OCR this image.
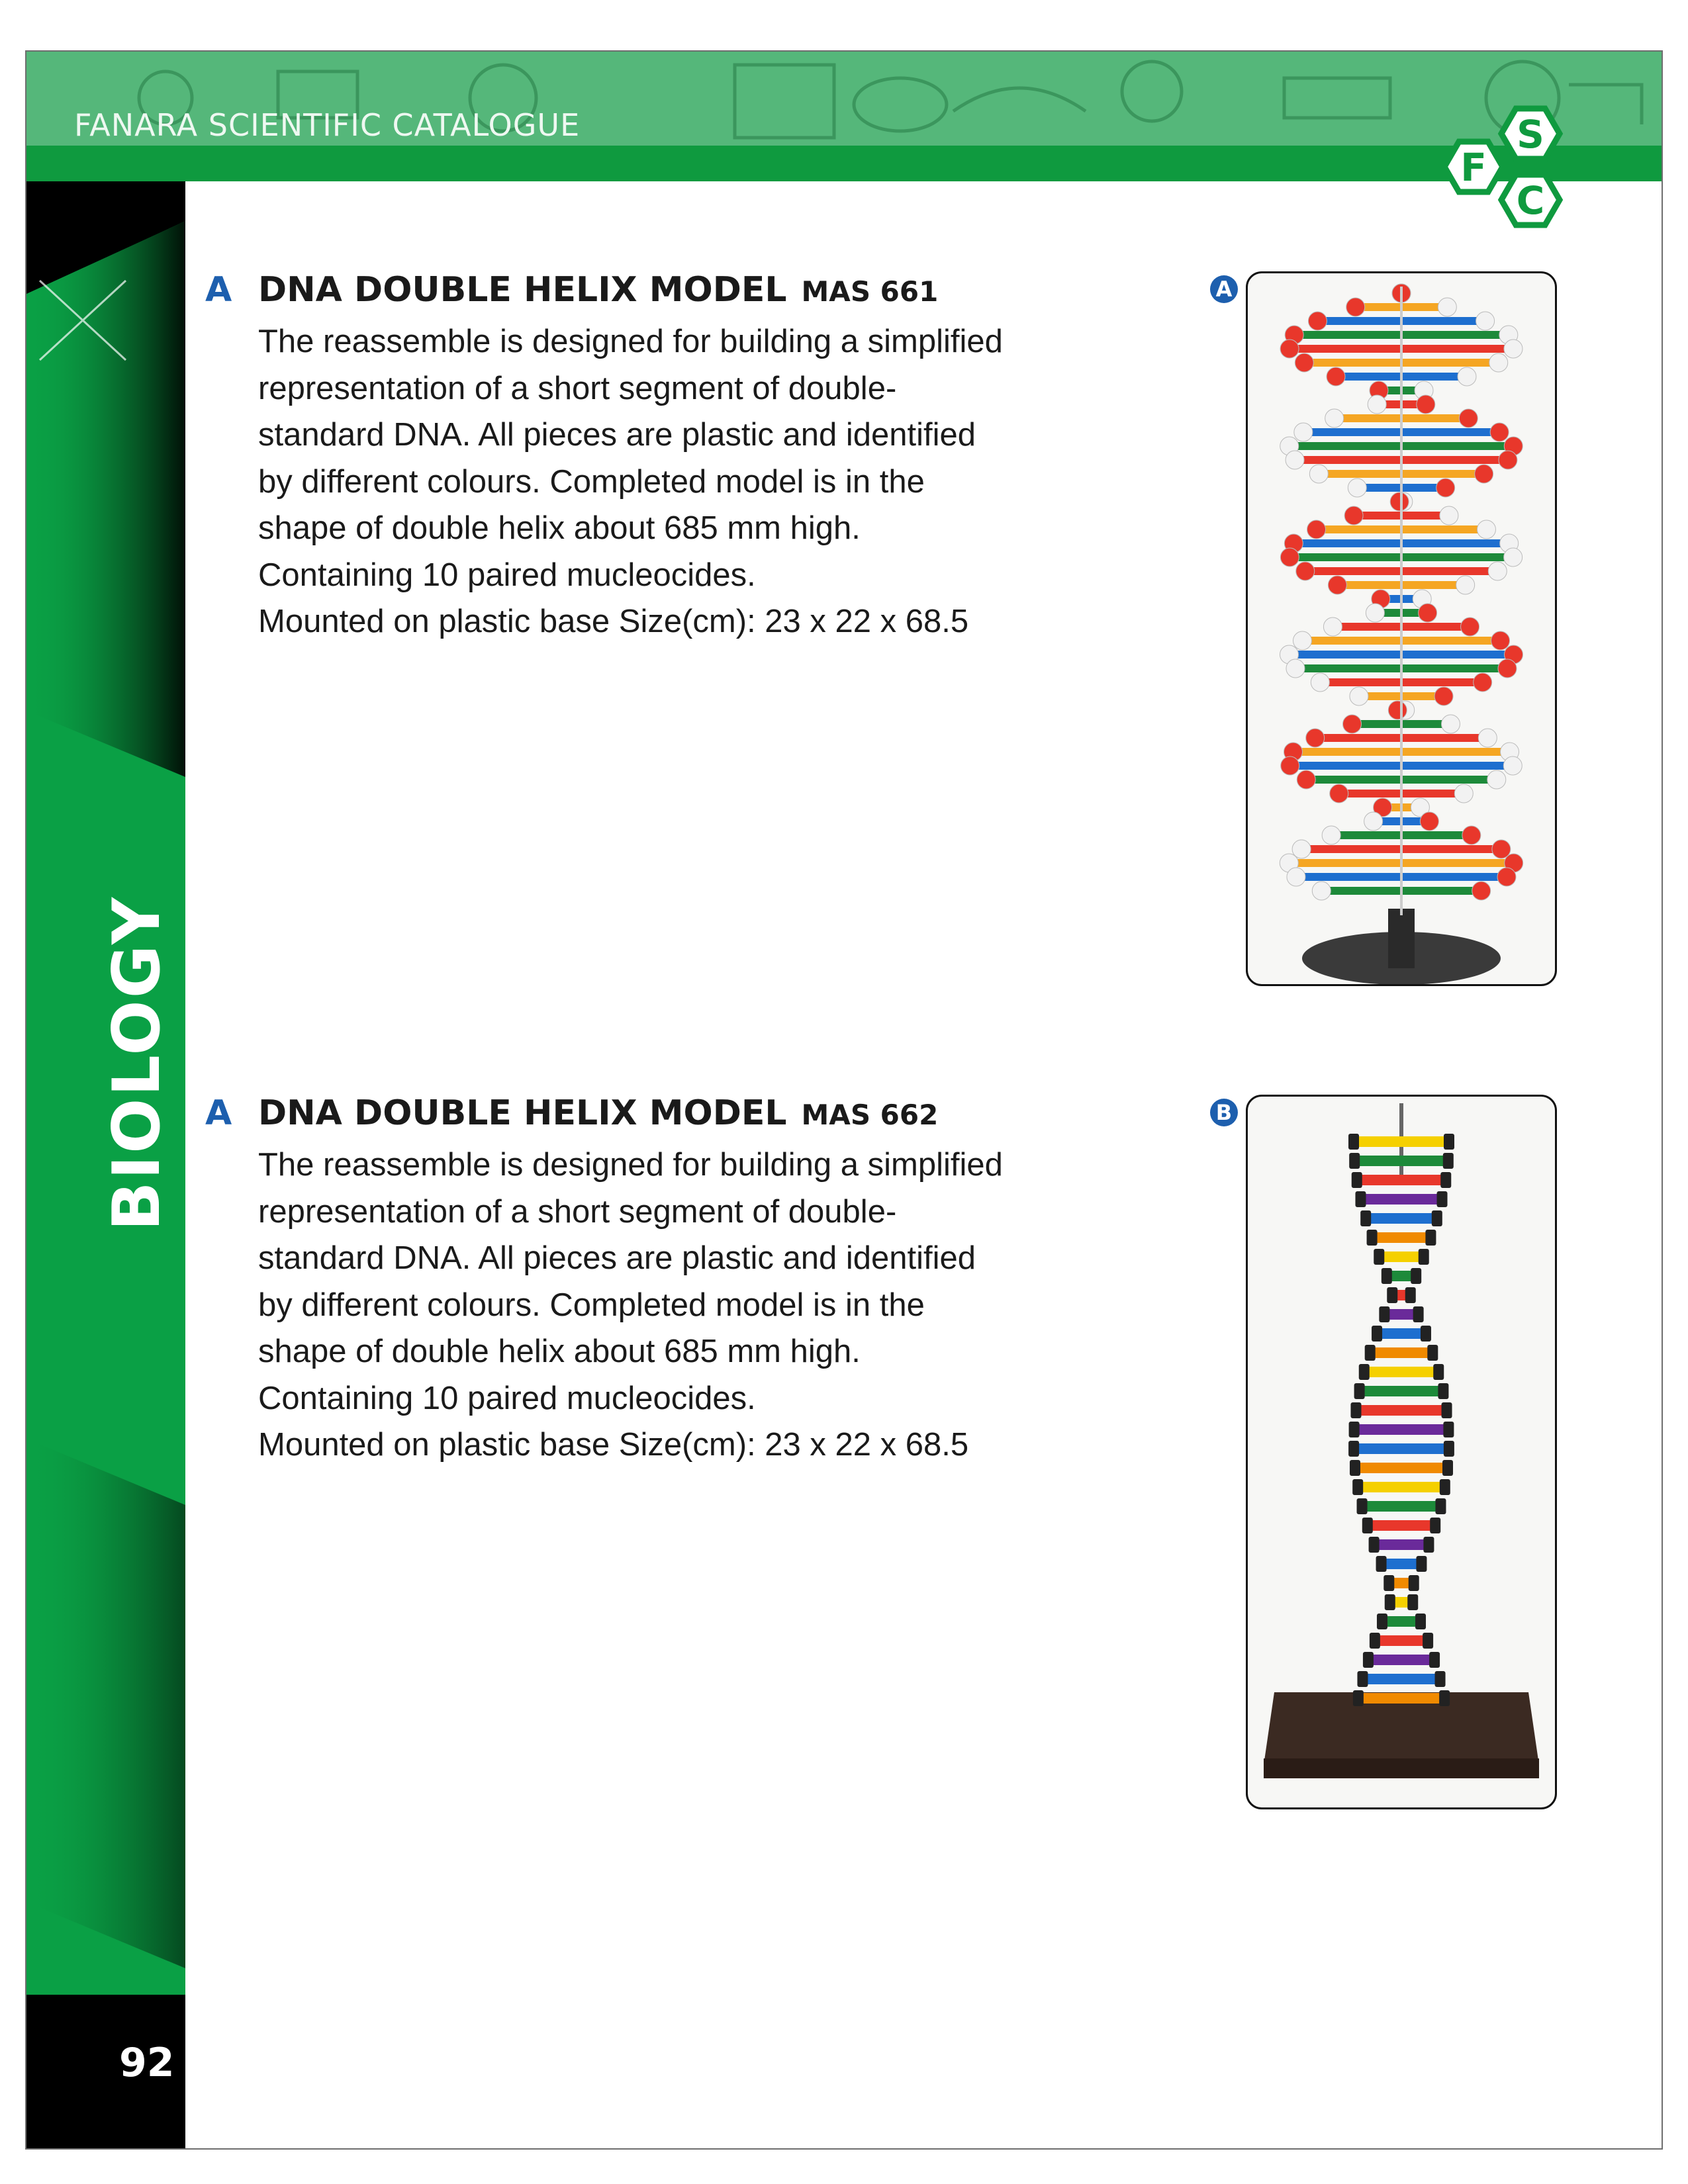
FANARA SCIENTIFIC CATALOGUE	S
F
C
BIOLOGY
92
A DNA DOUBLE HELIX MODEL MAS 661
The reassemble is designed for building a simplified
representation of a short segment of double-
standard DNA. All pieces are plastic and identified
by different colours. Completed model is in the
shape of double helix about 685 mm high.
Containing 10 paired mucleocides.
Mounted on plastic base Size(cm): 23 x 22 x 68.5
A
A DNA DOUBLE HELIX MODEL MAS 662
The reassemble is designed for building a simplified
representation of a short segment of double-
standard DNA. All pieces are plastic and identified
by different colours. Completed model is in the
shape of double helix about 685 mm high.
Containing 10 paired mucleocides.
Mounted on plastic base Size(cm): 23 x 22 x 68.5
B
